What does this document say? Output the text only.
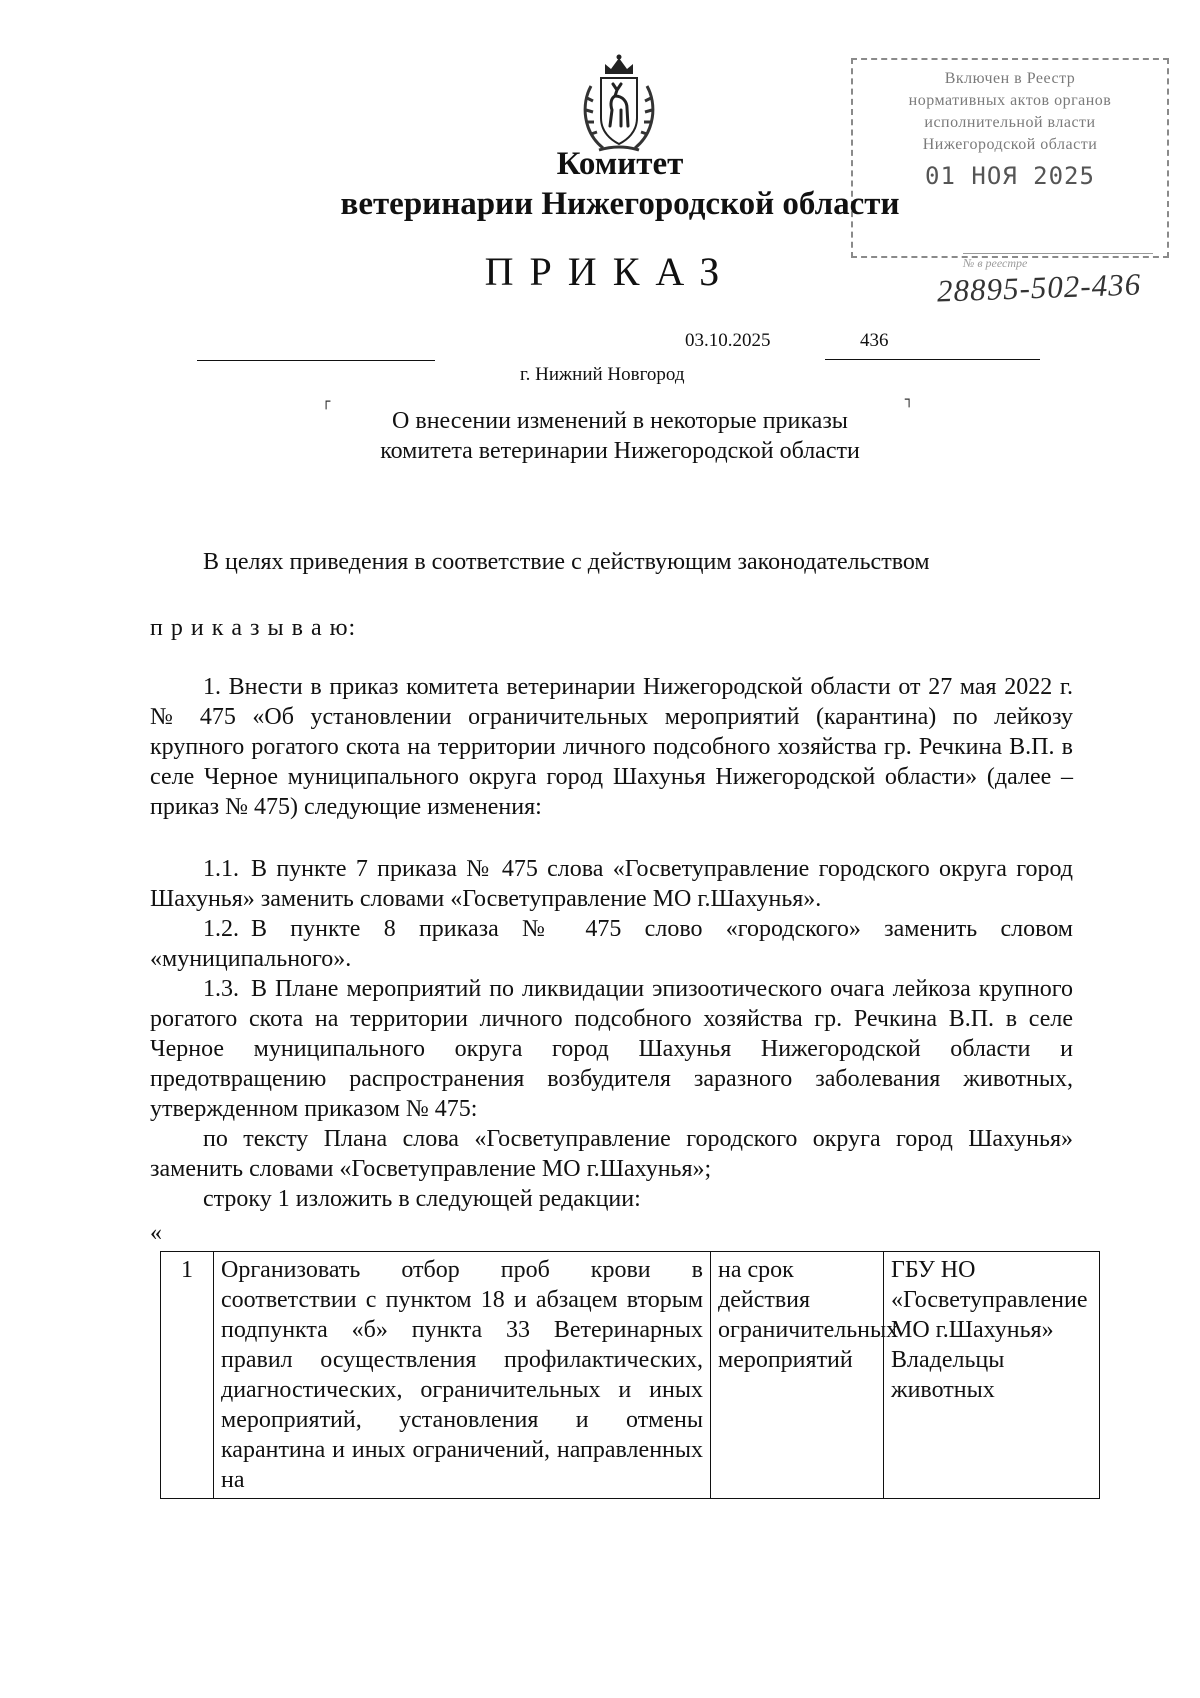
Включен в Реестр
нормативных актов органов
исполнительной власти
Нижегородской области
01 НОЯ 2025
№ в реестре
28895-502-436
Комитет
ветеринарии Нижегородской области
ПРИКАЗ
03.10.2025	436
г. Нижний Новгород
┌	┐
О внесении изменений в некоторые приказы
комитета ветеринарии Нижегородской области
В целях приведения в соответствие с действующим законодательством
п р и к а з ы в а ю:
1. Внести в приказ комитета ветеринарии Нижегородской области от 27 мая 2022 г. № 475 «Об установлении ограничительных мероприятий (карантина) по лейкозу крупного рогатого скота на территории личного подсобного хозяйства гр. Речкина В.П. в селе Черное муниципального округа город Шахунья Нижегородской области» (далее – приказ № 475) следующие изменения:
1.1. В пункте 7 приказа № 475 слова «Госветуправление городского округа город Шахунья» заменить словами «Госветуправление МО г.Шахунья».
1.2. В пункте 8 приказа № 475 слово «городского» заменить словом «муниципального».
1.3. В Плане мероприятий по ликвидации эпизоотического очага лейкоза крупного рогатого скота на территории личного подсобного хозяйства гр. Речкина В.П. в селе Черное муниципального округа город Шахунья Нижегородской области и предотвращению распространения возбудителя заразного заболевания животных, утвержденном приказом № 475:
по тексту Плана слова «Госветуправление городского округа город Шахунья» заменить словами «Госветуправление МО г.Шахунья»;
строку 1 изложить в следующей редакции:
«
1	Организовать отбор проб крови в соответствии с пунктом 18 и абзацем вторым подпункта «б» пункта 33 Ветеринарных правил осуществления профилактических, диагностических, ограничительных и иных мероприятий, установления и отмены карантина и иных ограничений, направленных на	на срок действия ограничительных мероприятий	ГБУ НО «Госветуправление МО г.Шахунья» Владельцы животных
